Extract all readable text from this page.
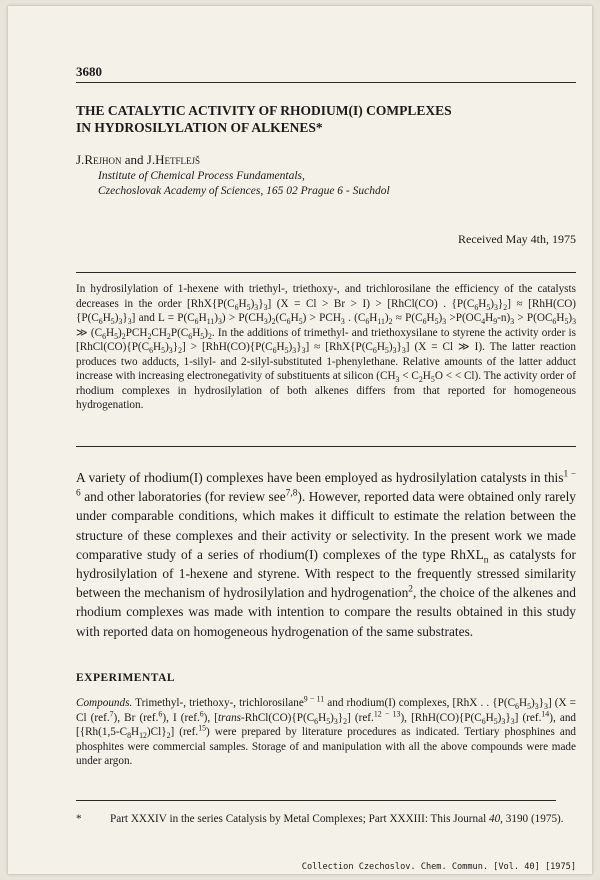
3680
THE CATALYTIC ACTIVITY OF RHODIUM(I) COMPLEXES
IN HYDROSILYLATION OF ALKENES*
J.Rejhon and J.Hetflejš
Institute of Chemical Process Fundamentals,
Czechoslovak Academy of Sciences, 165 02 Prague 6 - Suchdol
Received May 4th, 1975
In hydrosilylation of 1-hexene with triethyl-, triethoxy-, and trichlorosilane the efficiency of the catalysts decreases in the order $[RhX\{P(C_6H_5)_3\}_3] (X = Cl > Br > I)$ > [RhCl(CO) . $\{P(C_6H_5)_3\}_2] \approx [RhH(CO)\{P(C_6H_5)_3\}_3]$ and $L = P(C_6H_{11})_3) > P(CH_3)_2(C_6H_5) > PCH_3$ . $(C_6H_{11})_2 \approx P(C_6H_5)_3 >P(OC_4H_9-n)_3 > P(OC_6H_5)_3$ ≫ $(C_6H_5)_2PCH_2CH_2P(C_6H_5)_2$. In the additions of trimethyl- and triethoxysilane to styrene the activity order is $[RhCl(CO)\{P(C_6H_5)_3\}_2] > [RhH(CO)\{P(C_6H_5)_3\}_3] \approx [RhX\{P(C_6H_5)_3\}_3] (X = Cl$ ≫ I). The latter reaction produces two adducts, 1-silyl- and 2-silyl-substituted 1-phenylethane. Relative amounts of the latter adduct increase with increasing electronegativity of substituents at silicon ($CH_3 < C_2H_5O$ < < Cl). The activity order of rhodium complexes in hydrosilylation of both alkenes differs from that reported for homogeneous hydrogenation.
A variety of rhodium(I) complexes have been employed as hydrosilylation catalysts in this$^{1 - 6}$ and other laboratories (for review see$^{7,8}$). However, reported data were obtained only rarely under comparable conditions, which makes it difficult to estimate the relation between the structure of these complexes and their activity or selectivity. In the present work we made comparative study of a series of rhodium(I) complexes of the type RhXL$_n$ as catalysts for hydrosilylation of 1-hexene and styrene. With respect to the frequently stressed similarity between the mechanism of hydrosilylation and hydrogenation$^2$, the choice of the alkenes and rhodium complexes was made with intention to compare the results obtained in this study with reported data on homogeneous hydrogenation of the same substrates.
EXPERIMENTAL
Compounds. Trimethyl-, triethoxy-, trichlorosilane$^{9 - 11}$ and rhodium(I) complexes, [RhX . . $\{P(C_6H_5)_3\}_3$] (X = Cl (ref.$^7$), Br (ref.$^6$), I (ref.$^6$), $[trans-RhCl(CO)\{P(C_6H_5)_3\}_2]$ (ref.$^{12 - 13}$), $[RhH(CO)\{P(C_6H_5)_3\}_3]$ (ref.$^{14}$), and $[\{Rh(1,5-C_8H_{12})Cl\}_2]$ (ref.$^{15}$) were prepared by literature procedures as indicated. Tertiary phosphines and phosphites were commercial samples. Storage of and manipulation with all the above compounds were made under argon.
*	Part XXXIV in the series Catalysis by Metal Complexes; Part XXXIII: This Journal 40, 3190 (1975).
Collection Czechoslov. Chem. Commun. [Vol. 40] [1975]
